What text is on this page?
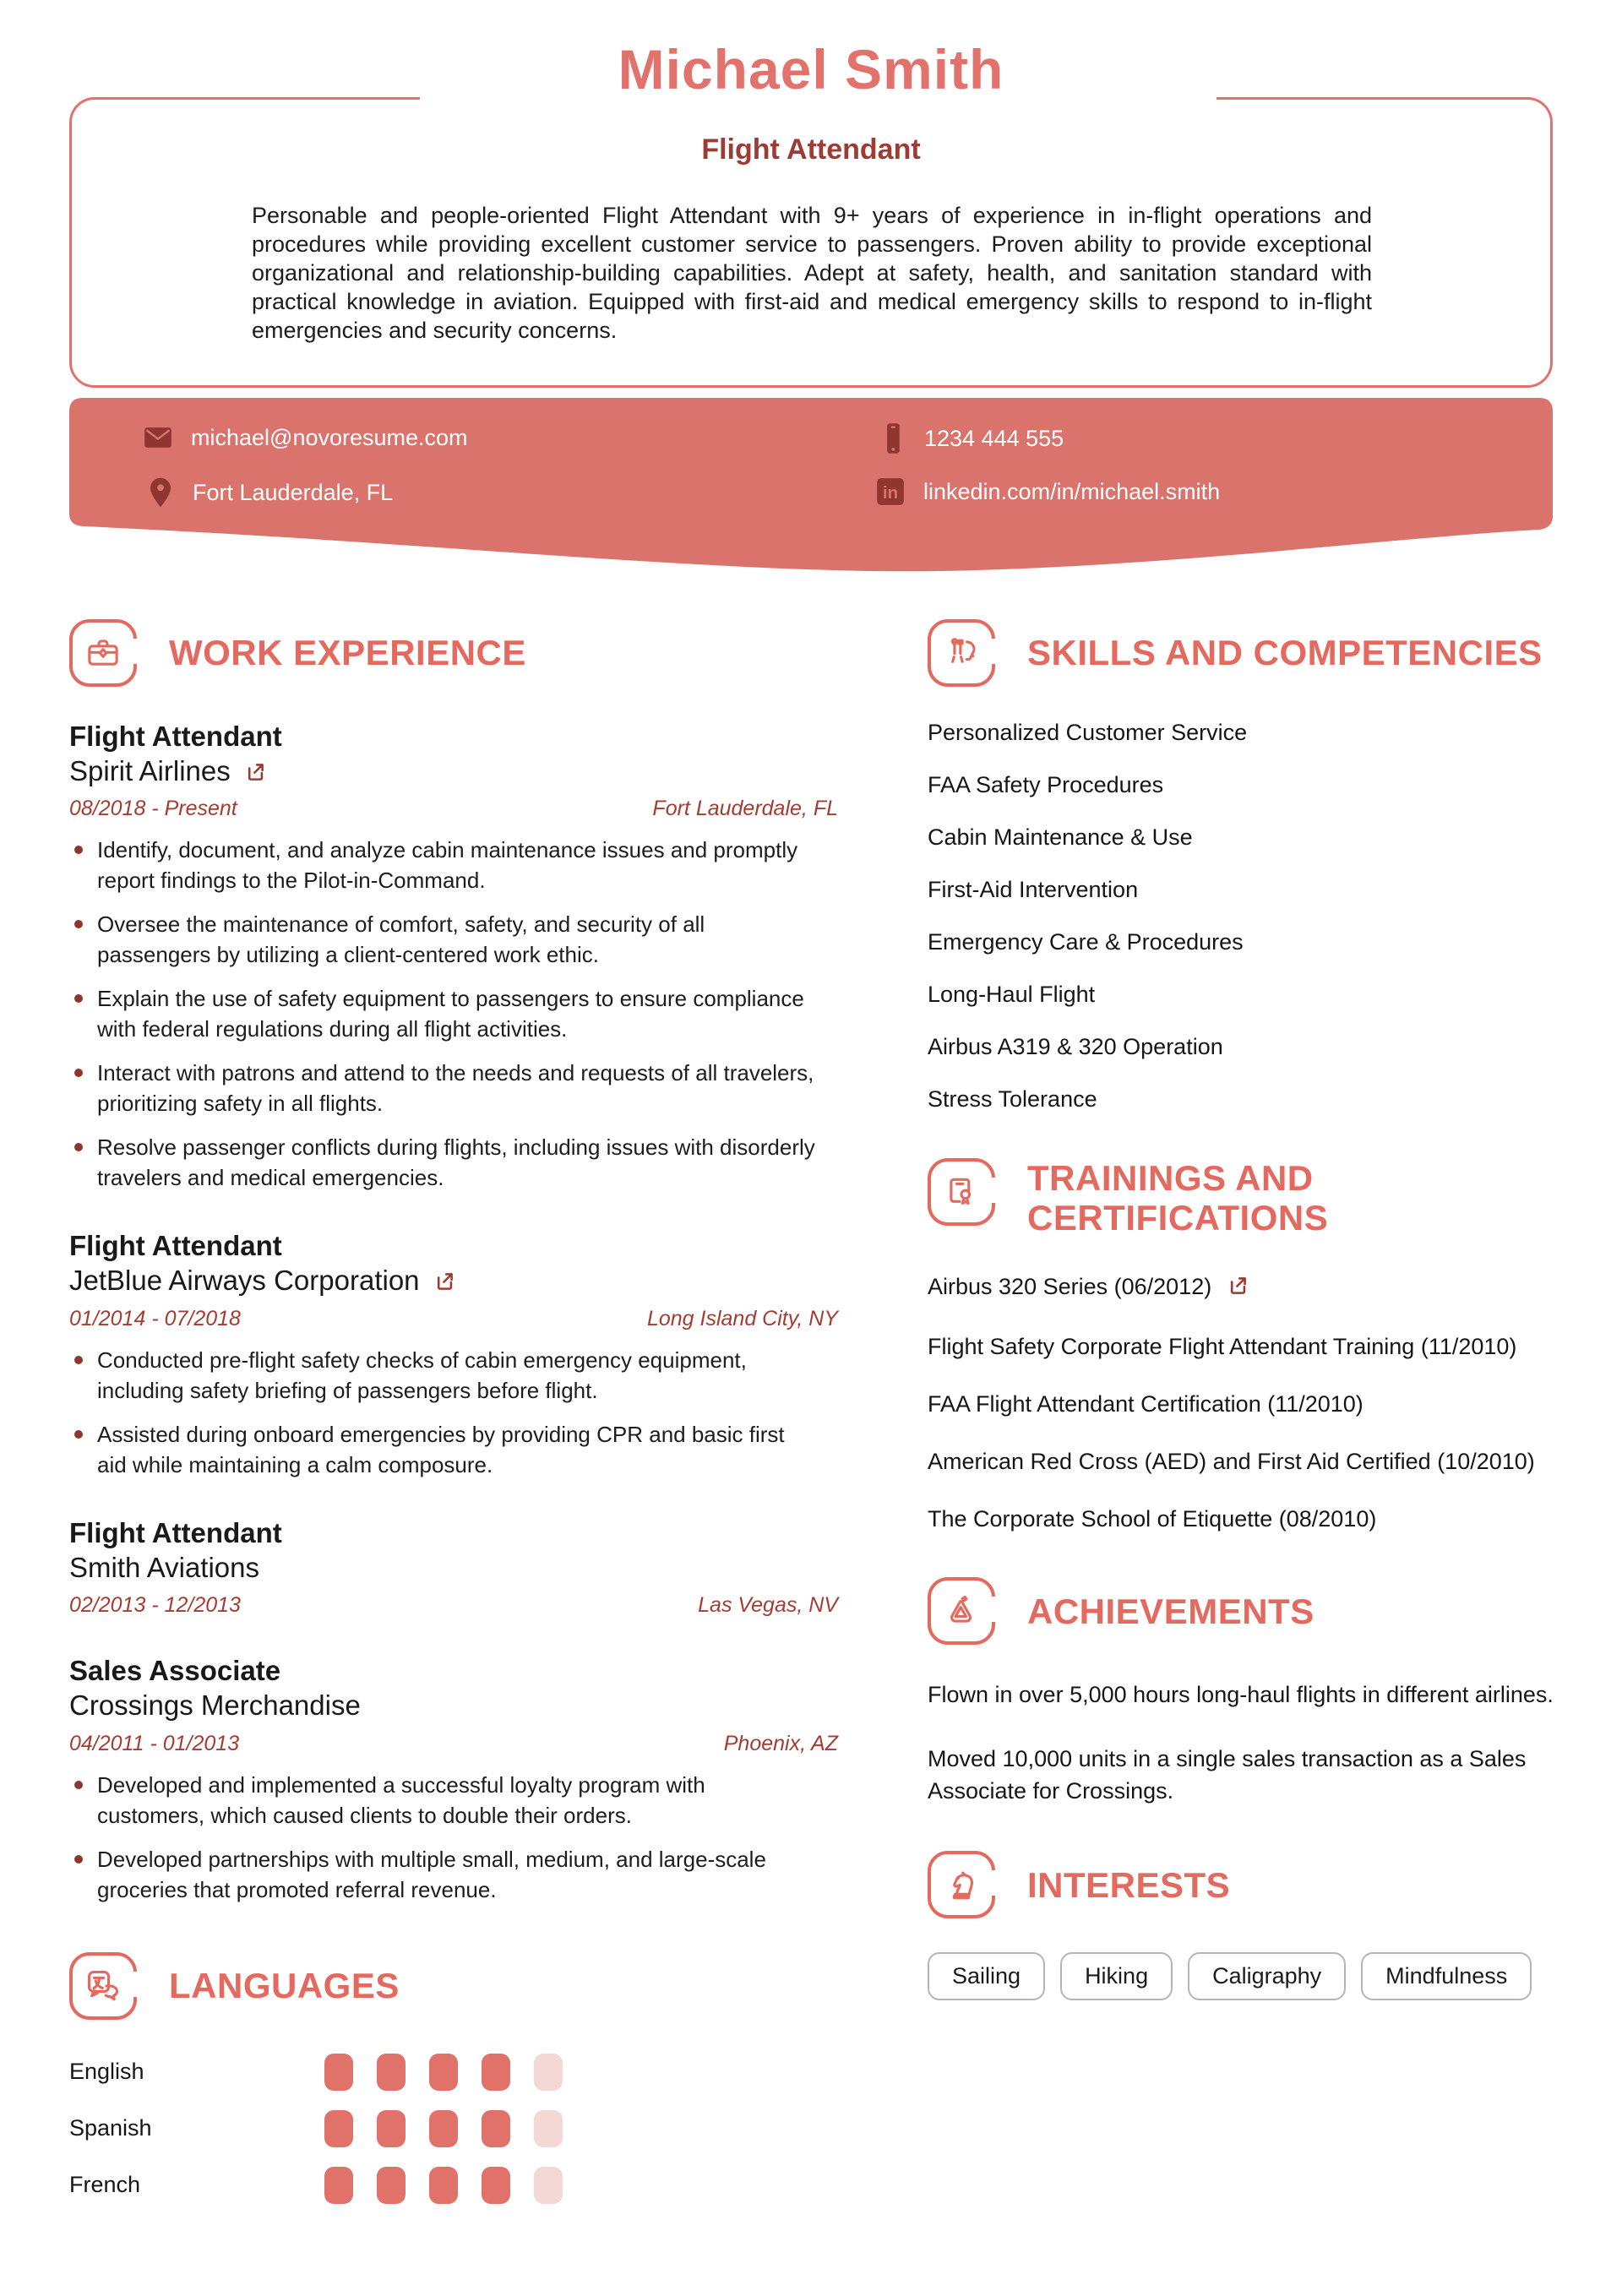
Michael Smith
Flight Attendant
Personable and people-oriented Flight Attendant with 9+ years of experience in in-flight operations and procedures while providing excellent customer service to passengers. Proven ability to provide exceptional organizational and relationship-building capabilities. Adept at safety, health, and sanitation standard with practical knowledge in aviation. Equipped with first-aid and medical emergency skills to respond to in-flight emergencies and security concerns.
michael@novoresume.com
Fort Lauderdale, FL
1234 444 555
in linkedin.com/in/michael.smith
WORK EXPERIENCE
Flight Attendant
Spirit Airlines
08/2018 - Present	Fort Lauderdale, FL
Identify, document, and analyze cabin maintenance issues and promptly report findings to the Pilot-in-Command.
Oversee the maintenance of comfort, safety, and security of all passengers by utilizing a client-centered work ethic.
Explain the use of safety equipment to passengers to ensure compliance with federal regulations during all flight activities.
Interact with patrons and attend to the needs and requests of all travelers, prioritizing safety in all flights.
Resolve passenger conflicts during flights, including issues with disorderly travelers and medical emergencies.
Flight Attendant
JetBlue Airways Corporation
01/2014 - 07/2018	Long Island City, NY
Conducted pre-flight safety checks of cabin emergency equipment, including safety briefing of passengers before flight.
Assisted during onboard emergencies by providing CPR and basic first aid while maintaining a calm composure.
Flight Attendant
Smith Aviations
02/2013 - 12/2013	Las Vegas, NV
Sales Associate
Crossings Merchandise
04/2011 - 01/2013	Phoenix, AZ
Developed and implemented a successful loyalty program with customers, which caused clients to double their orders.
Developed partnerships with multiple small, medium, and large-scale groceries that promoted referral revenue.
LANGUAGES
English
Spanish
French
SKILLS AND COMPETENCIES
Personalized Customer Service
FAA Safety Procedures
Cabin Maintenance & Use
First-Aid Intervention
Emergency Care & Procedures
Long-Haul Flight
Airbus A319 & 320 Operation
Stress Tolerance
TRAININGS AND CERTIFICATIONS
Airbus 320 Series (06/2012)
Flight Safety Corporate Flight Attendant Training (11/2010)
FAA Flight Attendant Certification (11/2010)
American Red Cross (AED) and First Aid Certified (10/2010)
The Corporate School of Etiquette (08/2010)
ACHIEVEMENTS
Flown in over 5,000 hours long-haul flights in different airlines.
Moved 10,000 units in a single sales transaction as a Sales Associate for Crossings.
INTERESTS
Sailing	Hiking	Caligraphy	Mindfulness
